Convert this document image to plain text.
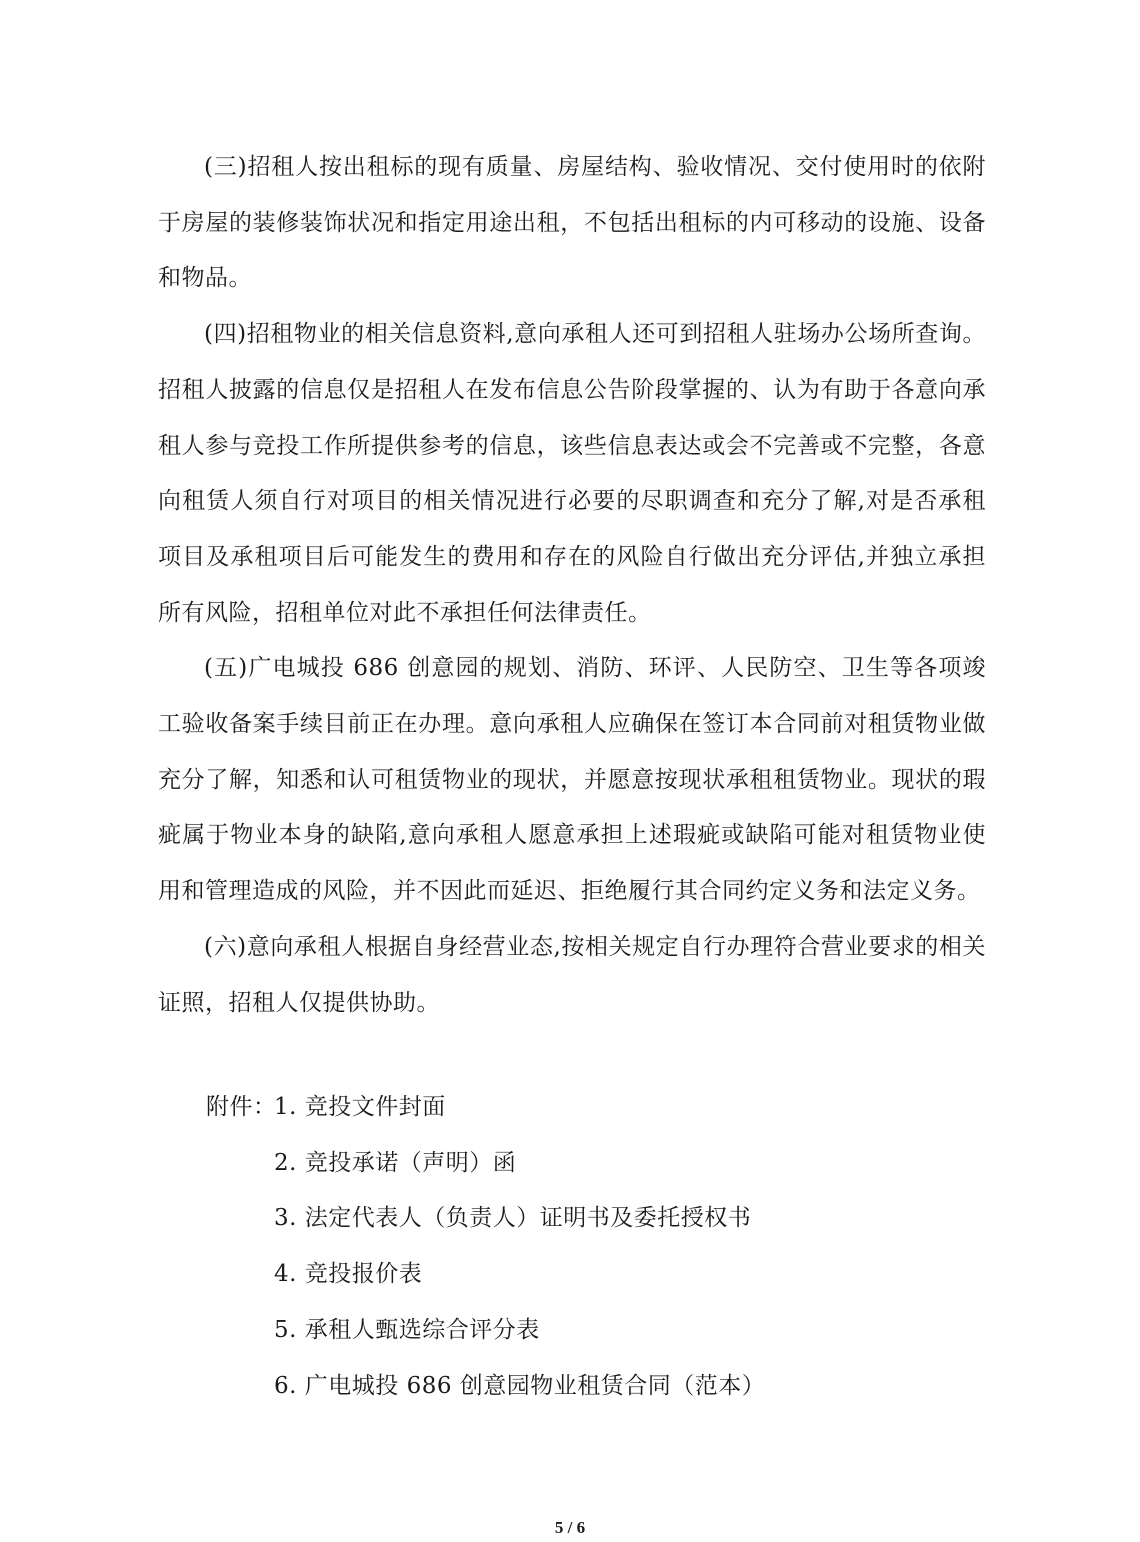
(三)招租人按出租标的现有质量、房屋结构、验收情况、交付使用时的依附于房屋的装修装饰状况和指定用途出租，不包括出租标的内可移动的设施、设备和物品。

(四)招租物业的相关信息资料,意向承租人还可到招租人驻场办公场所查询。招租人披露的信息仅是招租人在发布信息公告阶段掌握的、认为有助于各意向承租人参与竞投工作所提供参考的信息，该些信息表达或会不完善或不完整，各意向租赁人须自行对项目的相关情况进行必要的尽职调查和充分了解,对是否承租项目及承租项目后可能发生的费用和存在的风险自行做出充分评估,并独立承担所有风险，招租单位对此不承担任何法律责任。

(五)广电城投 686 创意园的规划、消防、环评、人民防空、卫生等各项竣工验收备案手续目前正在办理。意向承租人应确保在签订本合同前对租赁物业做充分了解，知悉和认可租赁物业的现状，并愿意按现状承租租赁物业。现状的瑕疵属于物业本身的缺陷,意向承租人愿意承担上述瑕疵或缺陷可能对租赁物业使用和管理造成的风险，并不因此而延迟、拒绝履行其合同约定义务和法定义务。

(六)意向承租人根据自身经营业态,按相关规定自行办理符合营业要求的相关证照，招租人仅提供协助。

附件：
1. 竞投文件封面
2. 竞投承诺（声明）函
3. 法定代表人（负责人）证明书及委托授权书
4. 竞投报价表
5. 承租人甄选综合评分表
6. 广电城投 686 创意园物业租赁合同（范本）
5 / 6
